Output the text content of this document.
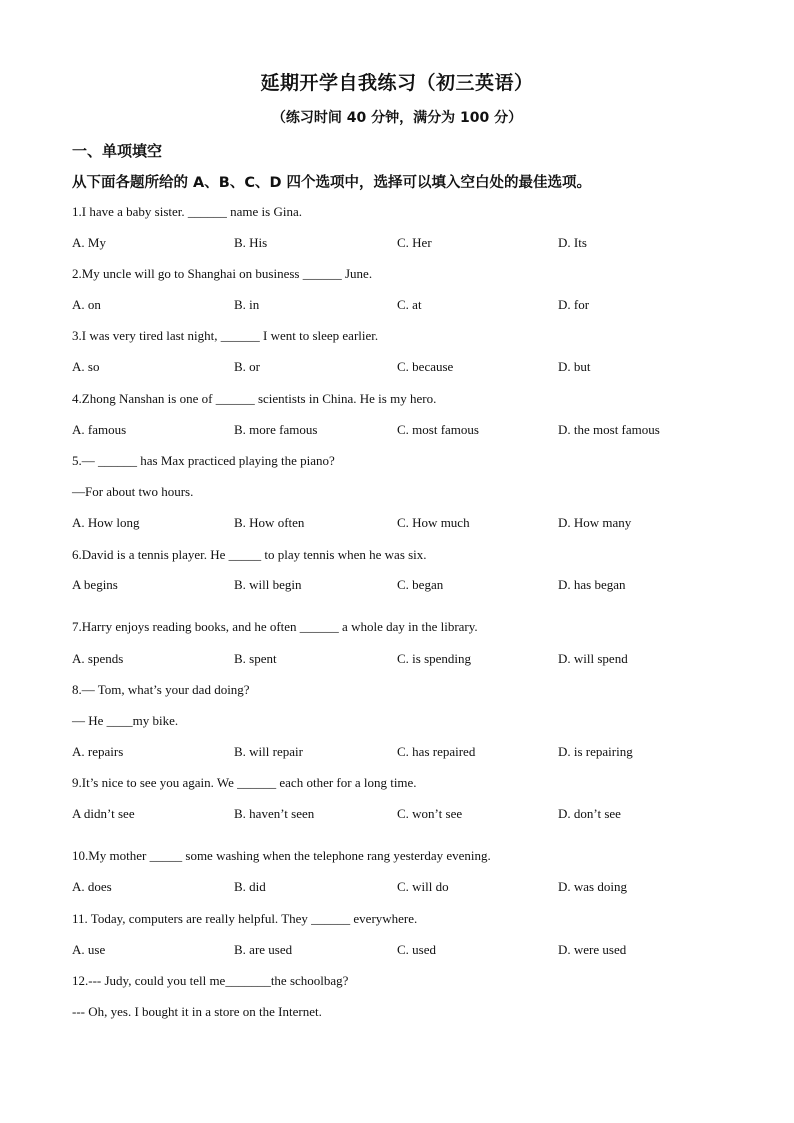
延期开学自我练习（初三英语）
（练习时间 40 分钟，满分为 100 分）
一、单项填空
从下面各题所给的 A、B、C、D 四个选项中，选择可以填入空白处的最佳选项。
1.I have a baby sister. ______ name is Gina.
A. My	B. His	C. Her	D. Its
2.My uncle will go to Shanghai on business ______ June.
A. on	B. in	C. at	D. for
3.I was very tired last night, ______ I went to sleep earlier.
A. so	B. or	C. because	D. but
4.Zhong Nanshan is one of ______ scientists in China. He is my hero.
A. famous	B. more famous	C. most famous	D. the most famous
5.— ______ has Max practiced playing the piano?
—For about two hours.
A. How long	B. How often	C. How much	D. How many
6.David is a tennis player. He _____ to play tennis when he was six.
A begins	B. will begin	C. began	D. has began
7.Harry enjoys reading books, and he often ______ a whole day in the library.
A. spends	B. spent	C. is spending	D. will spend
8.— Tom, what’s your dad doing?
— He ____my bike.
A. repairs	B. will repair	C. has repaired	D. is repairing
9.It’s nice to see you again. We ______ each other for a long time.
A didn’t see	B. haven’t seen	C. won’t see	D. don’t see
10.My mother _____ some washing when the telephone rang yesterday evening.
A. does	B. did	C. will do	D. was doing
11. Today, computers are really helpful. They ______ everywhere.
A. use	B. are used	C. used	D. were used
12.--- Judy, could you tell me_______the schoolbag?
--- Oh, yes. I bought it in a store on the Internet.
